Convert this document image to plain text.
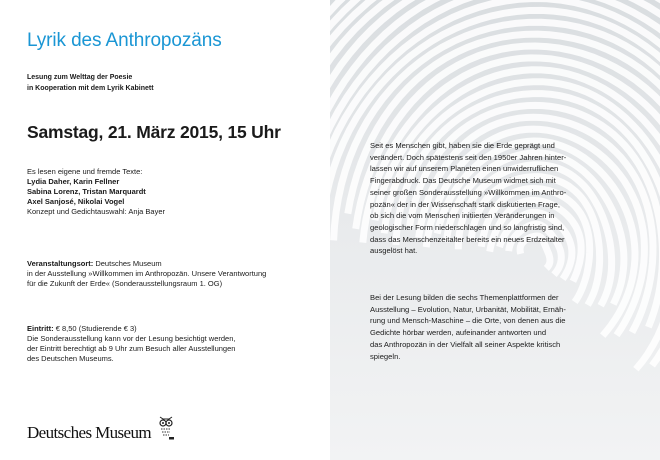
Lyrik des Anthropozäns
Lesung zum Welttag der Poesie
in Kooperation mit dem Lyrik Kabinett
Samstag, 21. März 2015, 15 Uhr
Es lesen eigene und fremde Texte:
Lydia Daher, Karin Fellner
Sabina Lorenz, Tristan Marquardt
Axel Sanjosé, Nikolai Vogel
Konzept und Gedichtauswahl: Anja Bayer
Veranstaltungsort: Deutsches Museum
in der Ausstellung »Willkommen im Anthropozän. Unsere Verantwortung
für die Zukunft der Erde« (Sonderausstellungsraum 1. OG)
Eintritt: € 8,50 (Studierende € 3)
Die Sonderausstellung kann vor der Lesung besichtigt werden,
der Eintritt berechtigt ab 9 Uhr zum Besuch aller Ausstellungen
des Deutschen Museums.
Deutsches Museum
Seit es Menschen gibt, haben sie die Erde geprägt und
verändert. Doch spätestens seit den 1950er Jahren hinter-
lassen wir auf unserem Planeten einen unwiderruflichen
Fingerabdruck. Das Deutsche Museum widmet sich mit
seiner großen Sonderausstellung »Willkommen im Anthro-
pozän« der in der Wissenschaft stark diskutierten Frage,
ob sich die vom Menschen initiierten Veränderungen in
geologischer Form niederschlagen und so langfristig sind,
dass das Menschenzeitalter bereits ein neues Erdzeitalter
ausgelöst hat.
Bei der Lesung bilden die sechs Themenplattformen der
Ausstellung – Evolution, Natur, Urbanität, Mobilität, Ernäh-
rung und Mensch-Maschine – die Orte, von denen aus die
Gedichte hörbar werden, aufeinander antworten und
das Anthropozän in der Vielfalt all seiner Aspekte kritisch
spiegeln.
